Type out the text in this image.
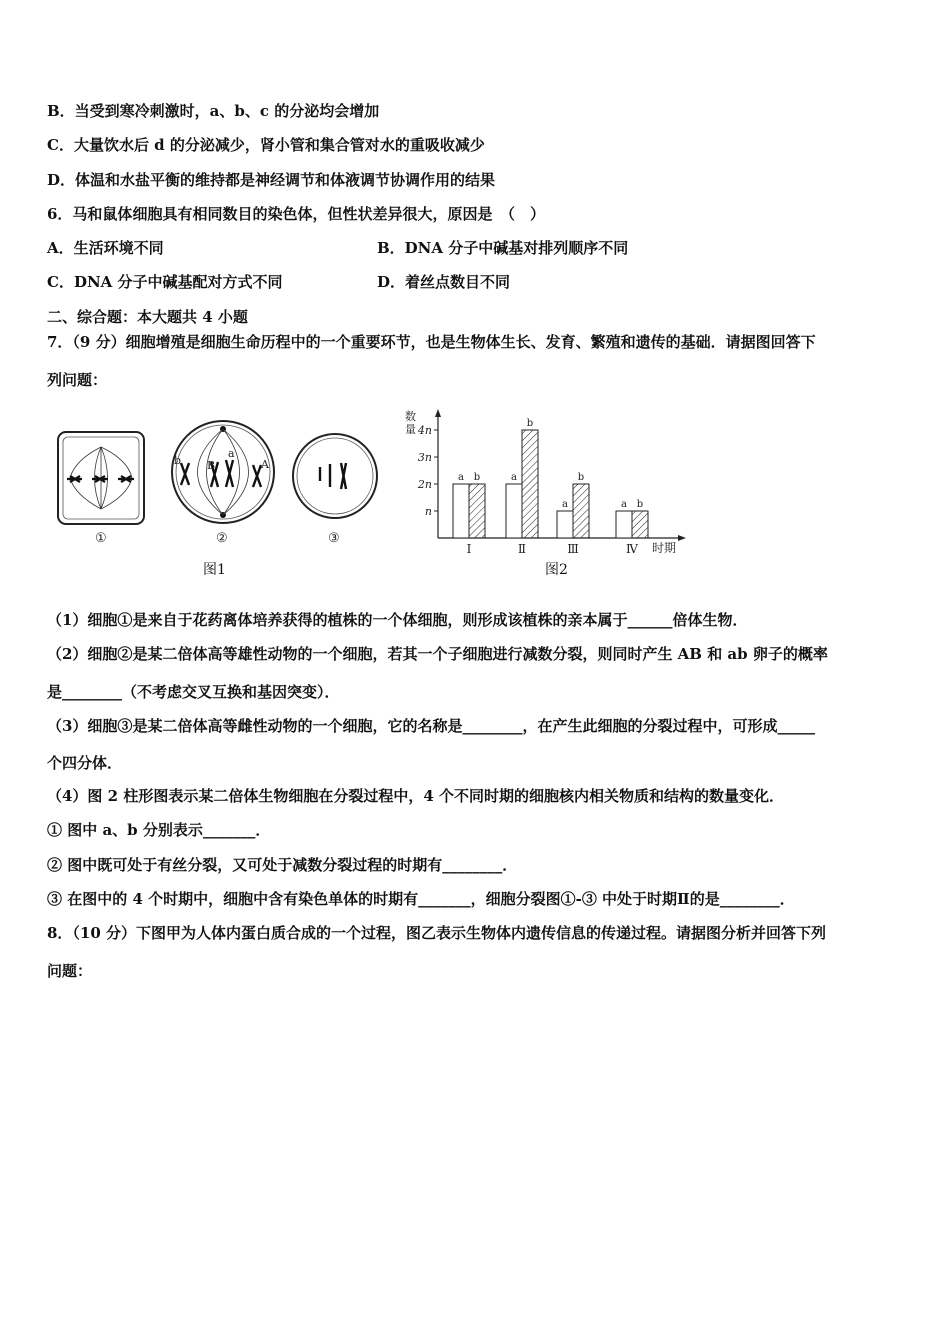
B．当受到寒冷刺激时，a、b、c 的分泌均会增加
C．大量饮水后 d 的分泌减少，肾小管和集合管对水的重吸收减少
D．体温和水盐平衡的维持都是神经调节和体液调节协调作用的结果
6．马和鼠体细胞具有相同数目的染色体，但性状差异很大，原因是　（　）
A．生活环境不同	B．DNA 分子中碱基对排列顺序不同
C．DNA 分子中碱基配对方式不同	D．着丝点数目不同
二、综合题：本大题共 4 小题
7．（9 分）细胞增殖是细胞生命历程中的一个重要环节，也是生物体生长、发育、繁殖和遗传的基础．请据图回答下
列问题：
①
b B
a
A
②	③
图1
数
量
n
2n
3n
4n
a b
Ⅰ
a
b
Ⅱ
a
b
Ⅲ
a b
Ⅳ 时期
图2
（1）细胞①是来自于花药离体培养获得的植株的一个体细胞，则形成该植株的亲本属于______倍体生物．
（2）细胞②是某二倍体高等雄性动物的一个细胞，若其一个子细胞进行减数分裂，则同时产生 AB 和 ab 卵子的概率
是________（不考虑交叉互换和基因突变）．
（3）细胞③是某二倍体高等雌性动物的一个细胞，它的名称是________，在产生此细胞的分裂过程中，可形成_____
个四分体．
（4）图 2 柱形图表示某二倍体生物细胞在分裂过程中，4 个不同时期的细胞核内相关物质和结构的数量变化．
① 图中 a、b 分别表示_______．
② 图中既可处于有丝分裂，又可处于减数分裂过程的时期有________．
③ 在图中的 4 个时期中，细胞中含有染色单体的时期有_______，细胞分裂图①-③ 中处于时期Ⅱ的是________．
8．（10 分）下图甲为人体内蛋白质合成的一个过程，图乙表示生物体内遗传信息的传递过程。请据图分析并回答下列
问题：
